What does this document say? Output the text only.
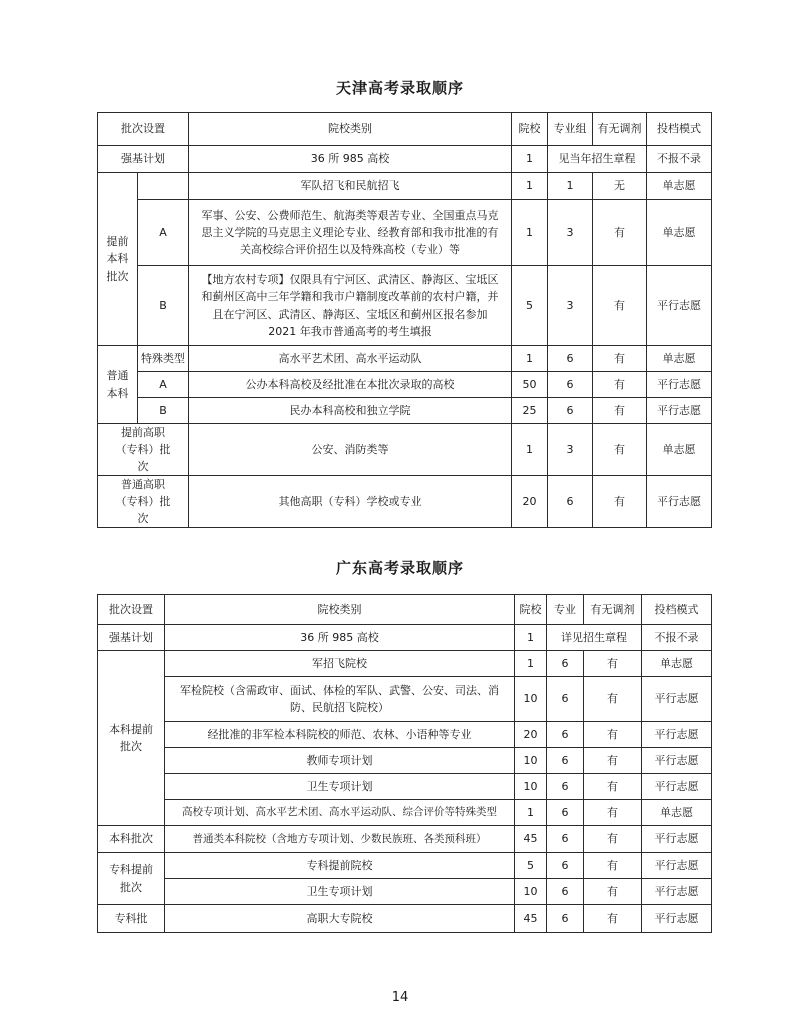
天津高考录取顺序
批次设置		院校类别	院校	专业组	有无调剂	投档模式
强基计划		36 所 985 高校	1	见当年招生章程		不报不录
提前本科批次		军队招飞和民航招飞	1	1	无	单志愿
	A	军事、公安、公费师范生、航海类等艰苦专业、全国重点马克思主义学院的马克思主义理论专业、经教育部和我市批准的有关高校综合评价招生以及特殊高校（专业）等	1	3	有	单志愿
	B	【地方农村专项】仅限具有宁河区、武清区、静海区、宝坻区和蓟州区高中三年学籍和我市户籍制度改革前的农村户籍，并且在宁河区、武清区、静海区、宝坻区和蓟州区报名参加2021 年我市普通高考的考生填报	5	3	有	平行志愿
普通本科	特殊类型	高水平艺术团、高水平运动队	1	6	有	单志愿
	A	公办本科高校及经批准在本批次录取的高校	50	6	有	平行志愿
	B	民办本科高校和独立学院	25	6	有	平行志愿
提前高职（专科）批次		公安、消防类等	1	3	有	单志愿
普通高职（专科）批次		其他高职（专科）学校或专业	20	6	有	平行志愿
广东高考录取顺序
批次设置	院校类别	院校	专业	有无调剂	投档模式
强基计划	36 所 985 高校	1	详见招生章程		不报不录
本科提前批次	军招飞院校	1	6	有	单志愿
	军检院校（含需政审、面试、体检的军队、武警、公安、司法、消防、民航招飞院校）	10	6	有	平行志愿
	经批准的非军检本科院校的师范、农林、小语种等专业	20	6	有	平行志愿
	教师专项计划	10	6	有	平行志愿
	卫生专项计划	10	6	有	平行志愿
	高校专项计划、高水平艺术团、高水平运动队、综合评价等特殊类型	1	6	有	单志愿
本科批次	普通类本科院校（含地方专项计划、少数民族班、各类预科班）	45	6	有	平行志愿
专科提前批次	专科提前院校	5	6	有	平行志愿
	卫生专项计划	10	6	有	平行志愿
专科批	高职大专院校	45	6	有	平行志愿
14
